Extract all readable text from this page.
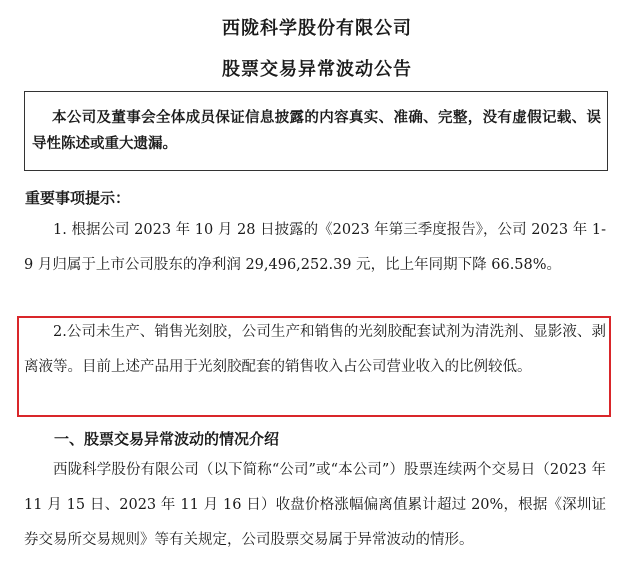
西陇科学股份有限公司
股票交易异常波动公告

本公司及董事会全体成员保证信息披露的内容真实、准确、完整，没有虚假记载、误

导性陈述或重大遗漏。

重要事项提示：

1. 根据公司 2023 年 10 月 28 日披露的《2023 年第三季度报告》，公司 2023 年 1-9 月归属于上市公司股东的净利润 29,496,252.39 元，比上年同期下降 66.58%。

2.公司未生产、销售光刻胶，公司生产和销售的光刻胶配套试剂为清洗剂、显影液、剥离液等。目前上述产品用于光刻胶配套的销售收入占公司营业收入的比例较低。

一、股票交易异常波动的情况介绍

西陇科学股份有限公司（以下简称“公司”或“本公司”）股票连续两个交易日（2023 年 11 月 15 日、2023 年 11 月 16 日）收盘价格涨幅偏离值累计超过 20%，根据《深圳证券交易所交易规则》等有关规定，公司股票交易属于异常波动的情形。
